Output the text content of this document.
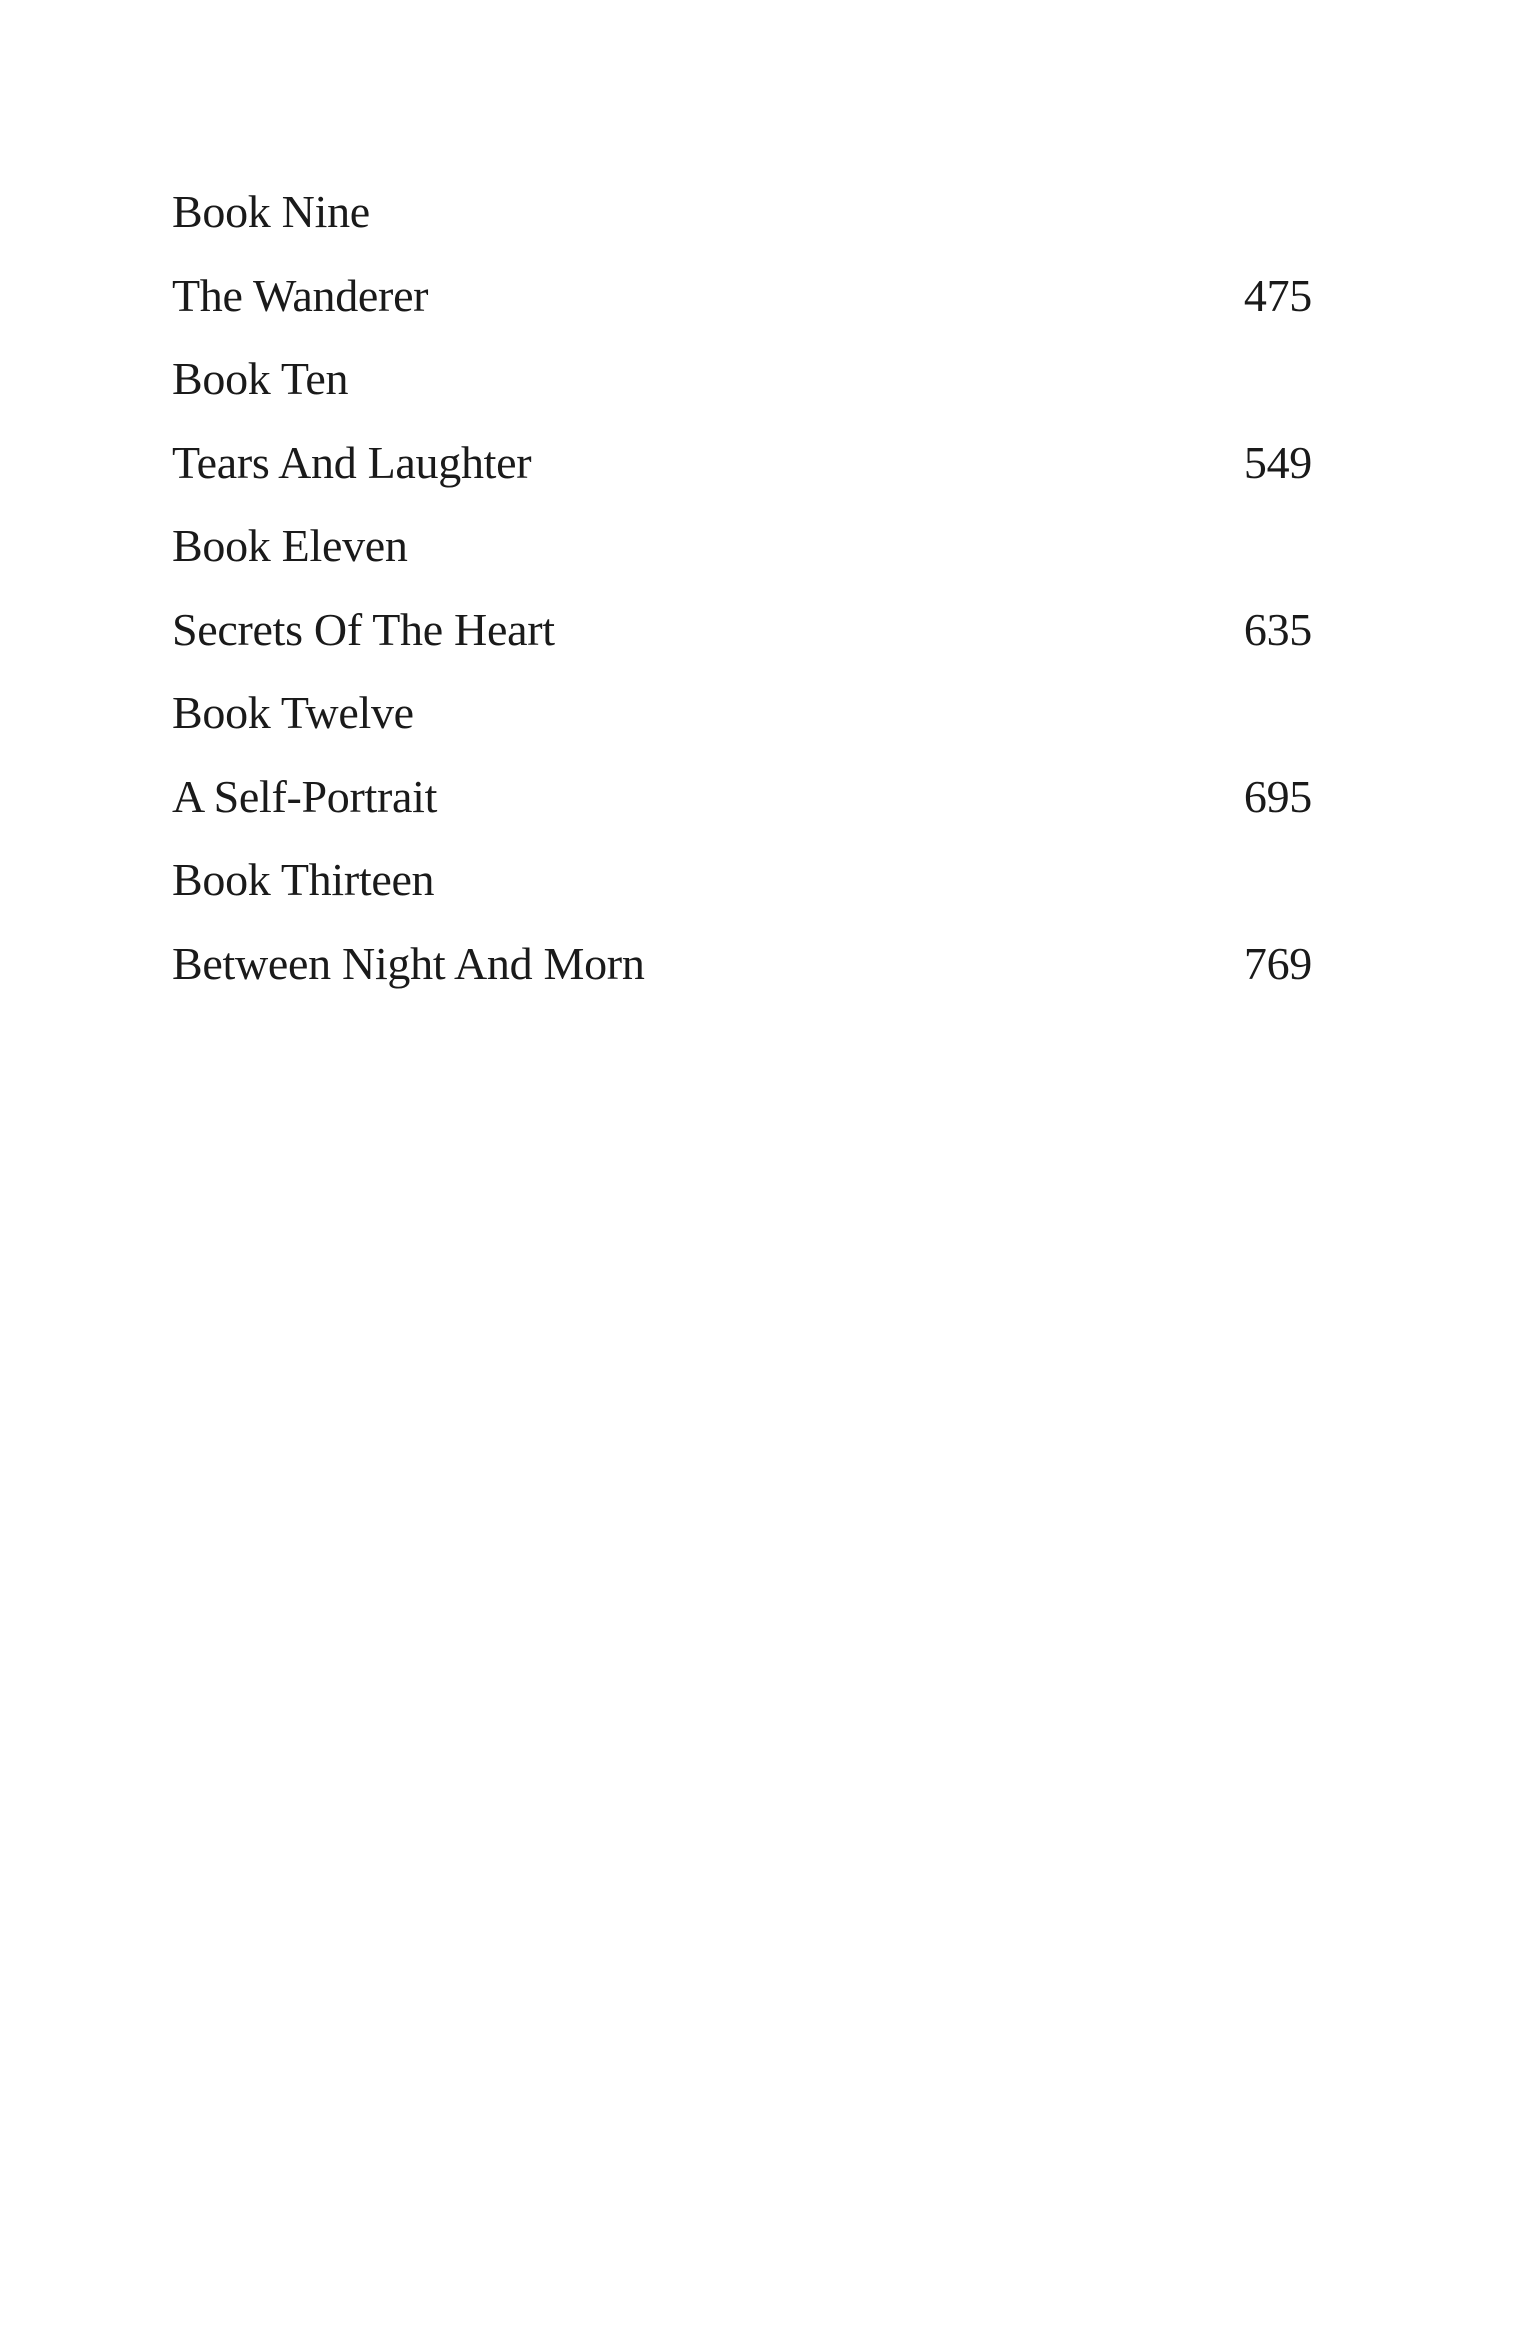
Book Nine
The Wanderer	475
Book Ten
Tears And Laughter	549
Book Eleven
Secrets Of The Heart	635
Book Twelve
A Self-Portrait	695
Book Thirteen
Between Night And Morn	769
